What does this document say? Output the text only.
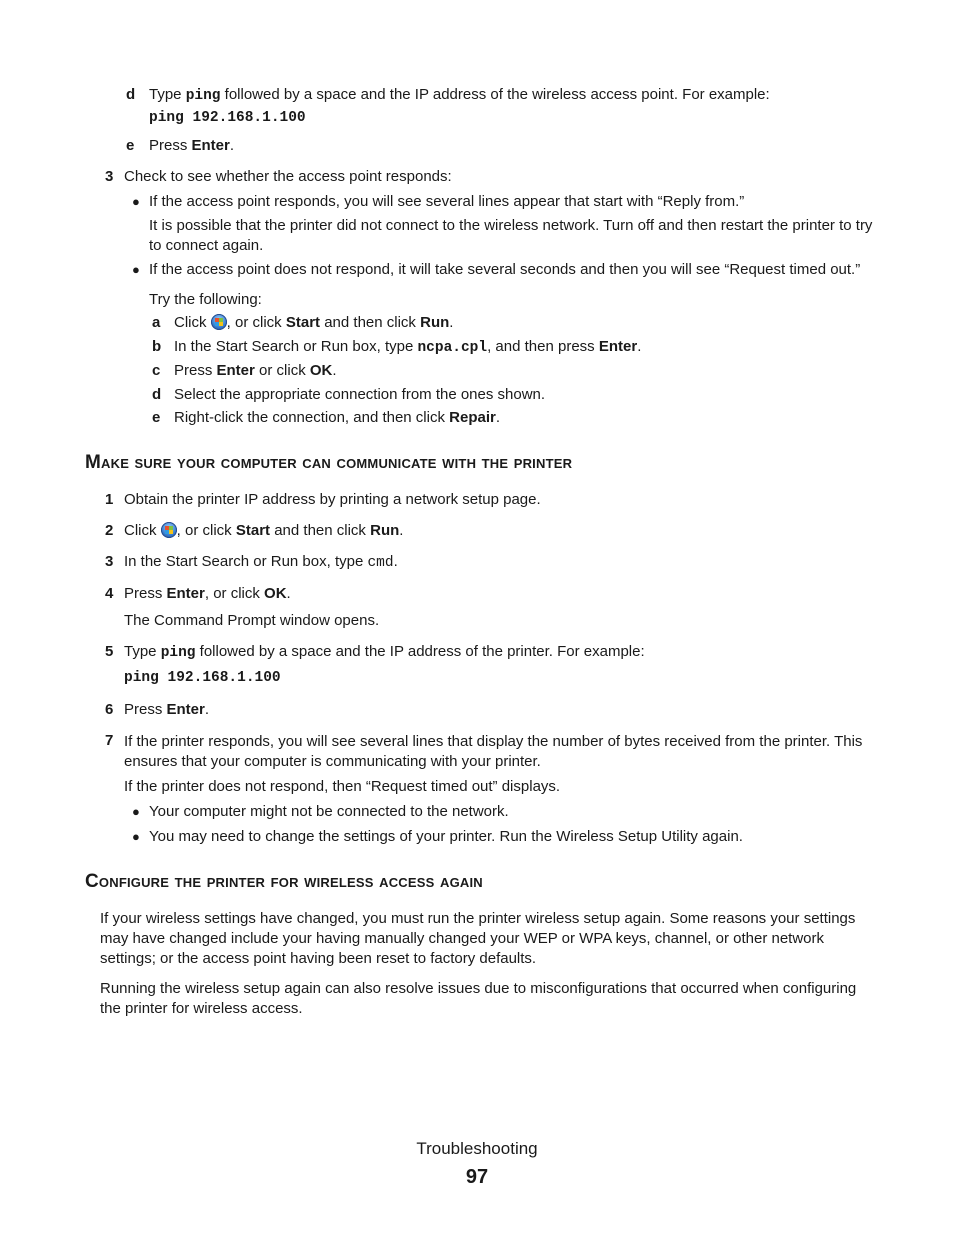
d Type ping followed by a space and the IP address of the wireless access point. For example:
ping 192.168.1.100
e Press Enter.
3 Check to see whether the access point responds:
● If the access point responds, you will see several lines appear that start with “Reply from.”
It is possible that the printer did not connect to the wireless network. Turn off and then restart the printer to try to connect again.
● If the access point does not respond, it will take several seconds and then you will see “Request timed out.”
Try the following:
a Click
, or click Start and then click Run.
b In the Start Search or Run box, type ncpa.cpl, and then press Enter.
c Press Enter or click OK.
d Select the appropriate connection from the ones shown.
e Right-click the connection, and then click Repair.
Make sure your computer can communicate with the printer
1 Obtain the printer IP address by printing a network setup page.
2 Click
, or click Start and then click Run.
3 In the Start Search or Run box, type cmd.
4 Press Enter, or click OK.
The Command Prompt window opens.
5 Type ping followed by a space and the IP address of the printer. For example:
ping 192.168.1.100
6 Press Enter.
7 If the printer responds, you will see several lines that display the number of bytes received from the printer. This ensures that your computer is communicating with your printer.
If the printer does not respond, then “Request timed out” displays.
● Your computer might not be connected to the network.
● You may need to change the settings of your printer. Run the Wireless Setup Utility again.
Configure the printer for wireless access again
If your wireless settings have changed, you must run the printer wireless setup again. Some reasons your settings may have changed include your having manually changed your WEP or WPA keys, channel, or other network settings; or the access point having been reset to factory defaults.
Running the wireless setup again can also resolve issues due to misconfigurations that occurred when configuring the printer for wireless access.
Troubleshooting
97
